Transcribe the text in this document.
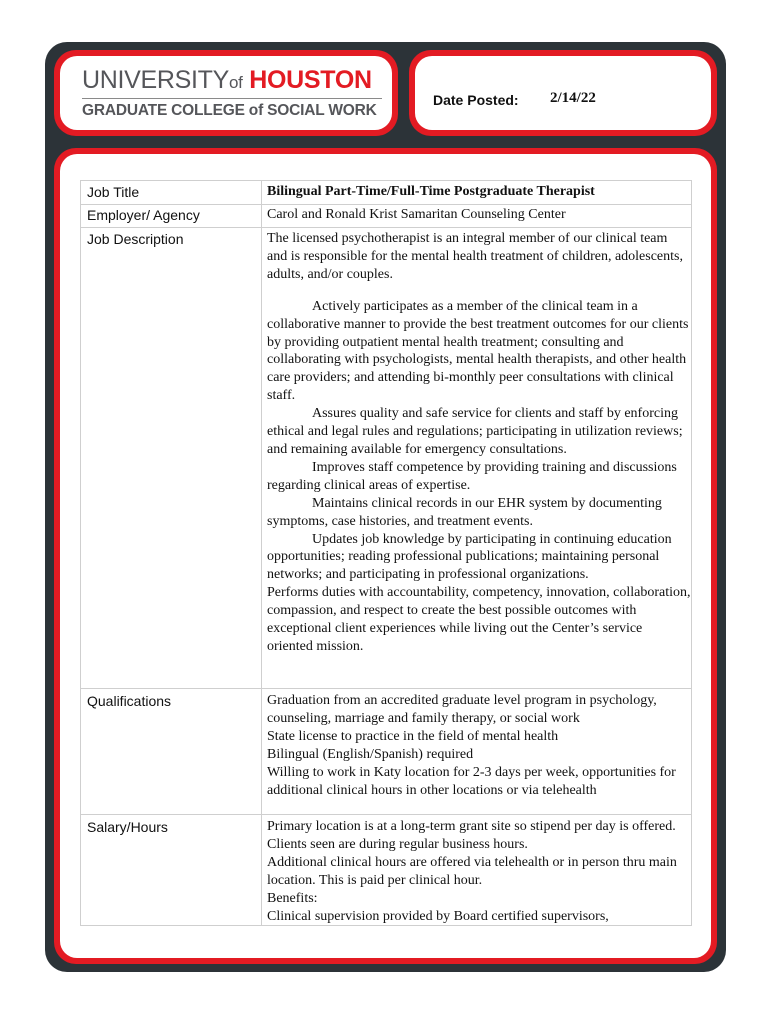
UNIVERSITYof HOUSTON
GRADUATE COLLEGE of SOCIAL WORK
Date Posted: 2/14/22
Job Title	Bilingual Part-Time/Full-Time Postgraduate Therapist
Employer/ Agency	Carol and Ronald Krist Samaritan Counseling Center
Job Description	The licensed psychotherapist is an integral member of our clinical team and is responsible for the mental health treatment of children, adolescents, adults, and/or couples.

Actively participates as a member of the clinical team in a collaborative manner to provide the best treatment outcomes for our clients by providing outpatient mental health treatment; consulting and collaborating with psychologists, mental health therapists, and other health care providers; and attending bi-monthly peer consultations with clinical staff.

Assures quality and safe service for clients and staff by enforcing ethical and legal rules and regulations; participating in utilization reviews; and remaining available for emergency consultations.

Improves staff competence by providing training and discussions regarding clinical areas of expertise.

Maintains clinical records in our EHR system by documenting symptoms, case histories, and treatment events.

Updates job knowledge by participating in continuing education opportunities; reading professional publications; maintaining personal networks; and participating in professional organizations.

Performs duties with accountability, competency, innovation, collaboration, compassion, and respect to create the best possible outcomes with exceptional client experiences while living out the Center’s service oriented mission.

Qualifications	Graduation from an accredited graduate level program in psychology, counseling, marriage and family therapy, or social work

State license to practice in the field of mental health

Bilingual (English/Spanish) required

Willing to work in Katy location for 2-3 days per week, opportunities for additional clinical hours in other locations or via telehealth

Salary/Hours	Primary location is at a long-term grant site so stipend per day is offered. Clients seen are during regular business hours.

Additional clinical hours are offered via telehealth or in person thru main location. This is paid per clinical hour.

Benefits:

Clinical supervision provided by Board certified supervisors,
